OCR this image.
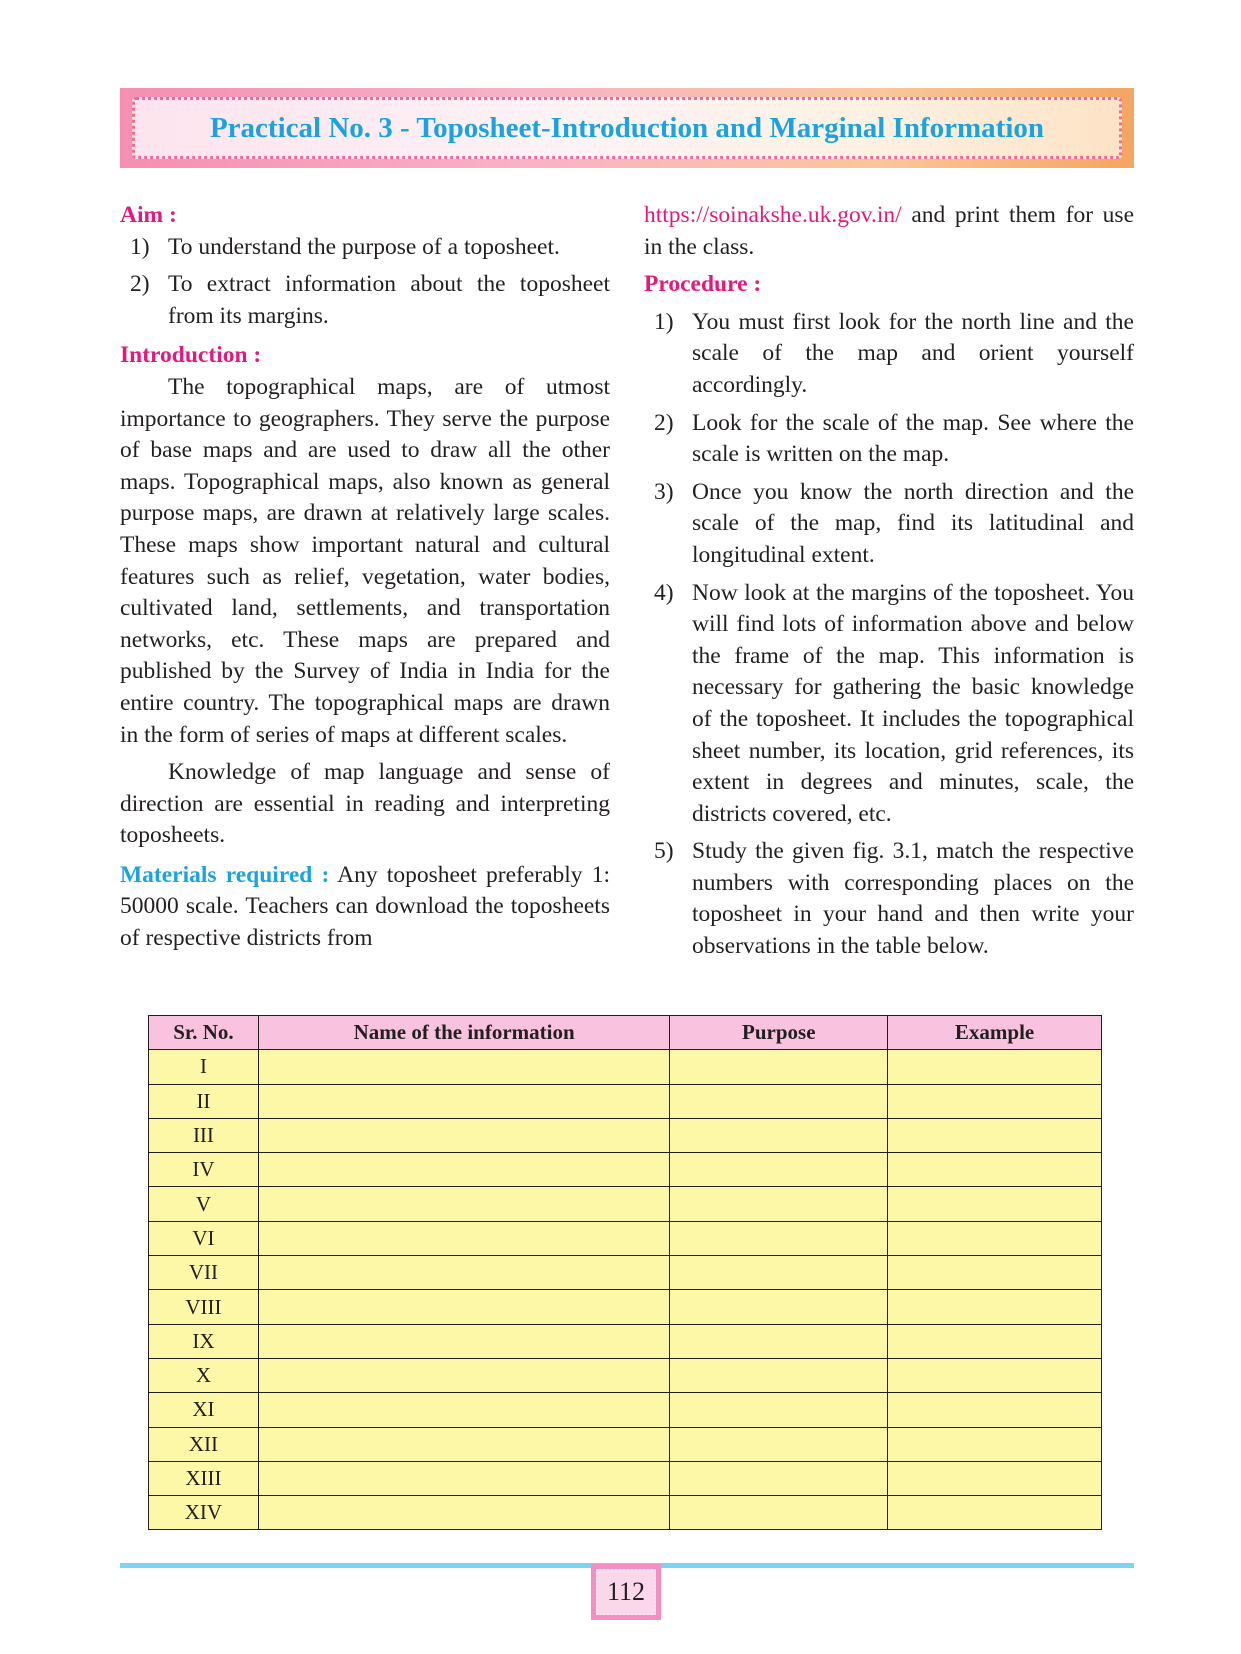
Practical No. 3 - Toposheet-Introduction and Marginal Information

Aim :

1) To understand the purpose of a toposheet.
2) To extract information about the toposheet from its margins.

Introduction :

The topographical maps, are of utmost importance to geographers. They serve the purpose of base maps and are used to draw all the other maps. Topographical maps, also known as general purpose maps, are drawn at relatively large scales. These maps show important natural and cultural features such as relief, vegetation, water bodies, cultivated land, settlements, and transportation networks, etc. These maps are prepared and published by the Survey of India in India for the entire country. The topographical maps are drawn in the form of series of maps at different scales.

Knowledge of map language and sense of direction are essential in reading and interpreting toposheets.

Materials required : Any toposheet preferably 1: 50000 scale. Teachers can download the toposheets of respective districts from

https://soinakshe.uk.gov.in/ and print them for use in the class.

Procedure :

1) You must first look for the north line and the scale of the map and orient yourself accordingly.
2) Look for the scale of the map. See where the scale is written on the map.
3) Once you know the north direction and the scale of the map, find its latitudinal and longitudinal extent.
4) Now look at the margins of the toposheet. You will find lots of information above and below the frame of the map. This information is necessary for gathering the basic knowledge of the toposheet. It includes the topographical sheet number, its location, grid references, its extent in degrees and minutes, scale, the districts covered, etc.
5) Study the given fig. 3.1, match the respective numbers with corresponding places on the toposheet in your hand and then write your observations in the table below.
Sr. No.	Name of the information	Purpose	Example
I			
II			
III			
IV			
V			
VI			
VII			
VIII			
IX			
X			
XI			
XII			
XIII			
XIV			
112
